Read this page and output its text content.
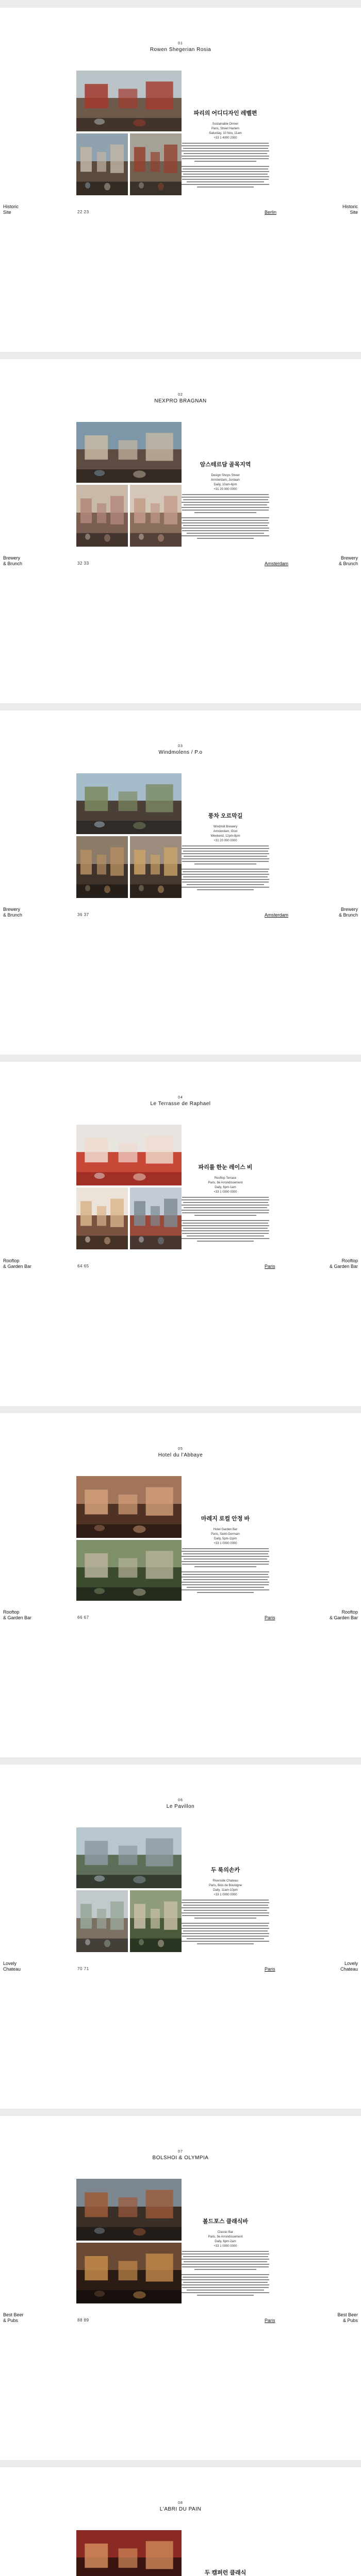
01
Rowen Shegerian Rosia
파리의 어디디자인 레벨편
Sustainable Dinner
Paris, Street Harlem
Saturday, 10 Nov, 11am
+33 1 4000 2000
Historic
Site
Historic
Site
22 23	Berlin
02
NEXPRO BRAGNAN
암스테르담 골목지역
Design Shops Street
Amsterdam, Jordaan
Daily, 10am-6pm
+31 20 000 0000
Brewery
& Brunch
Brewery
& Brunch
32 33	Amsterdam
03
Windmolens / P.o
풍차 오르막길
Windmill Brewery
Amsterdam, Oost
Weekend, 12pm-8pm
+31 20 000 0000
Brewery
& Brunch
Brewery
& Brunch
36 37	Amsterdam
04
Le Terrasse de Raphael
파리를 한눈 레이스 비
Rooftop Terrace
Paris, 8e Arrondissement
Daily, 6pm-1am
+33 1 0000 0000
Rooftop
& Garden Bar
Rooftop
& Garden Bar
64 65	Paris
05
Hotel du l'Abbaye
마레지 로컬 안정 바
Hotel Garden Bar
Paris, Saint-Germain
Daily, 5pm-11pm
+33 1 0000 0000
Rooftop
& Garden Bar
Rooftop
& Garden Bar
66 67	Paris
06
Le Pavillon
두 룩의손카
Riverside Chateau
Paris, Bois de Boulogne
Daily, 11am-10pm
+33 1 0000 0000
Lovely
Chateau
Lovely
Chateau
70 71	Paris
07
BOLSHOI & OLYMPIA
볼드포스 클래식바
Classic Bar
Paris, 9e Arrondissement
Daily, 6pm-2am
+33 1 0000 0000
Best Beer
& Pubs
Best Beer
& Pubs
88 89	Paris
08
L'ABRI DU PAIN
두 캠퍼런 클래식
